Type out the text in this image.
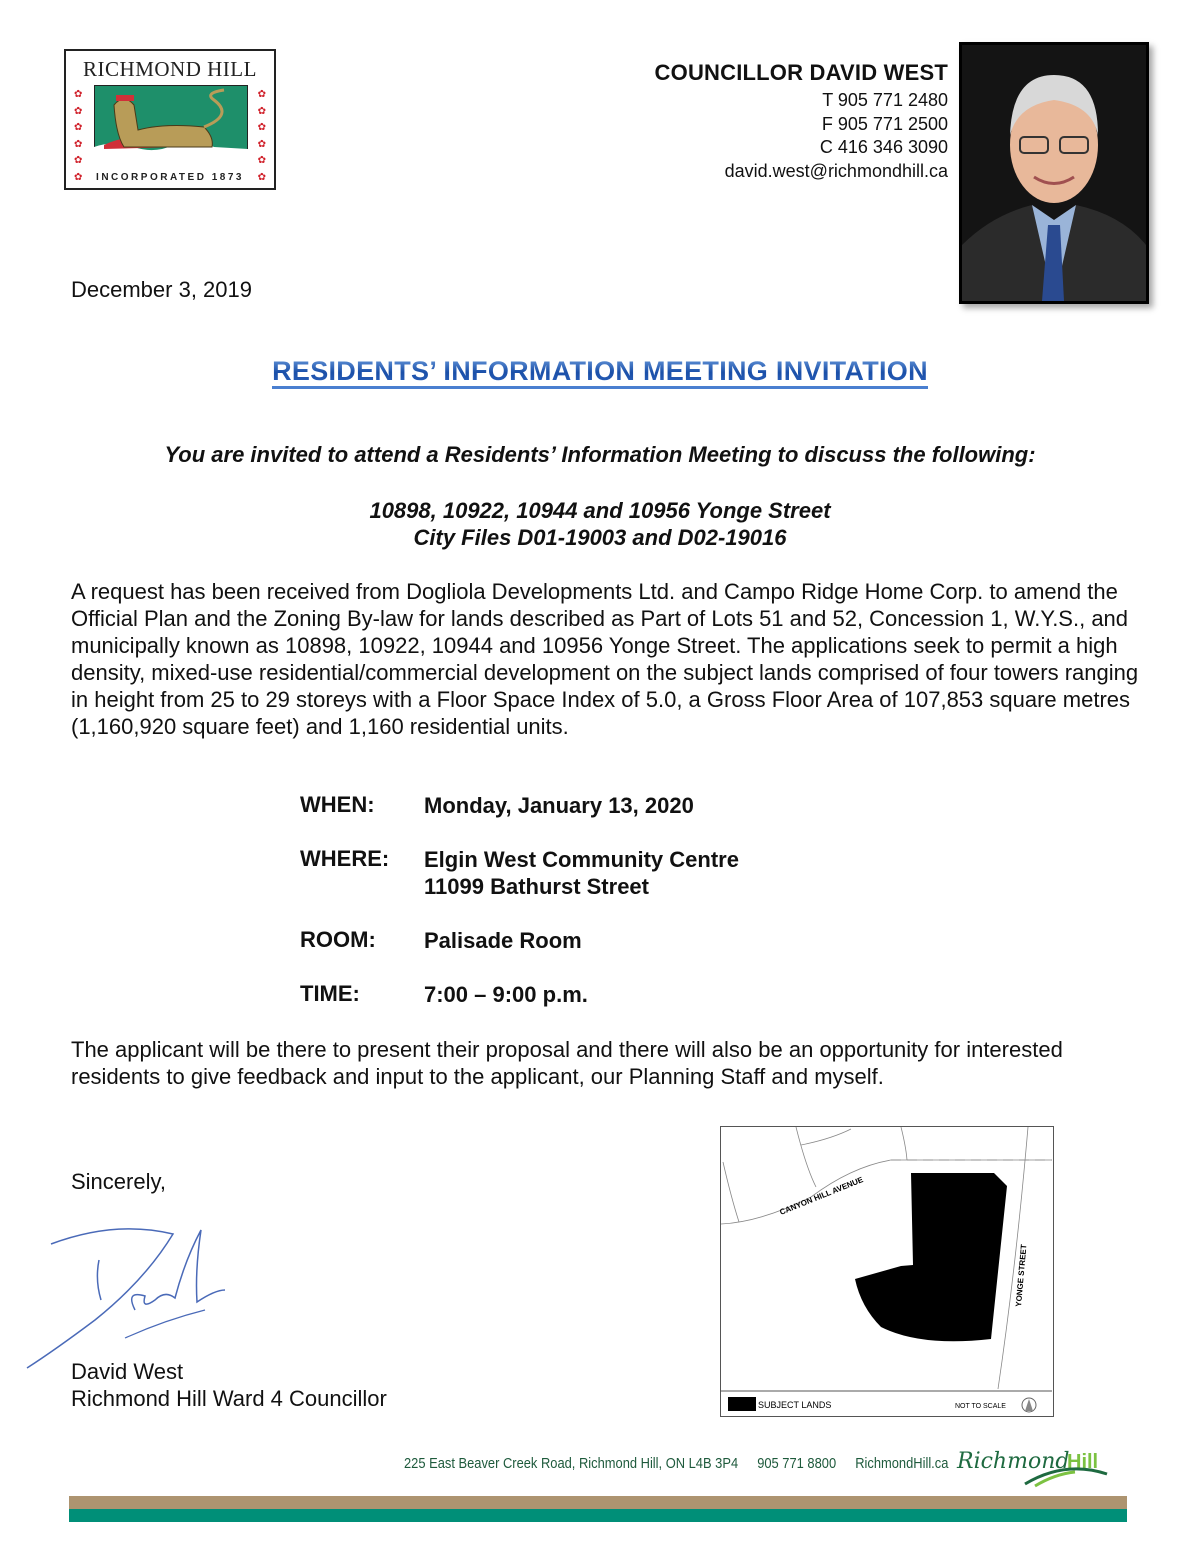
RICHMOND HILL
✿
✿
✿
✿
✿
✿
✿
✿
✿
✿
✿
✿
INCORPORATED 1873
COUNCILLOR DAVID WEST
T 905 771 2480
F 905 771 2500
C 416 346 3090
david.west@richmondhill.ca
December 3, 2019
RESIDENTS’ INFORMATION MEETING INVITATION
You are invited to attend a Residents’ Information Meeting to discuss the following:
10898, 10922, 10944 and 10956 Yonge Street
City Files D01-19003 and D02-19016
A request has been received from Dogliola Developments Ltd. and Campo Ridge Home Corp. to amend the Official Plan and the Zoning By-law for lands described as Part of Lots 51 and 52, Concession 1, W.Y.S., and municipally known as 10898, 10922, 10944 and 10956 Yonge Street. The applications seek to permit a high density, mixed-use residential/commercial development on the subject lands comprised of four towers ranging in height from 25 to 29 storeys with a Floor Space Index of 5.0, a Gross Floor Area of 107,853 square metres (1,160,920 square feet) and 1,160 residential units.
WHEN:	Monday, January 13, 2020
WHERE:	Elgin West Community Centre
11099 Bathurst Street
ROOM:	Palisade Room
TIME:	7:00 – 9:00 p.m.
The applicant will be there to present their proposal and there will also be an opportunity for interested residents to give feedback and input to the applicant, our Planning Staff and myself.
Sincerely,
David West
Richmond Hill Ward 4 Councillor
CANYON HILL AVENUE
YONGE STREET
SUBJECT LANDS	NOT TO SCALE
225 East Beaver Creek Road, Richmond Hill, ON L4B 3P4 905 771 8800 RichmondHill.ca Richmond
Hill
